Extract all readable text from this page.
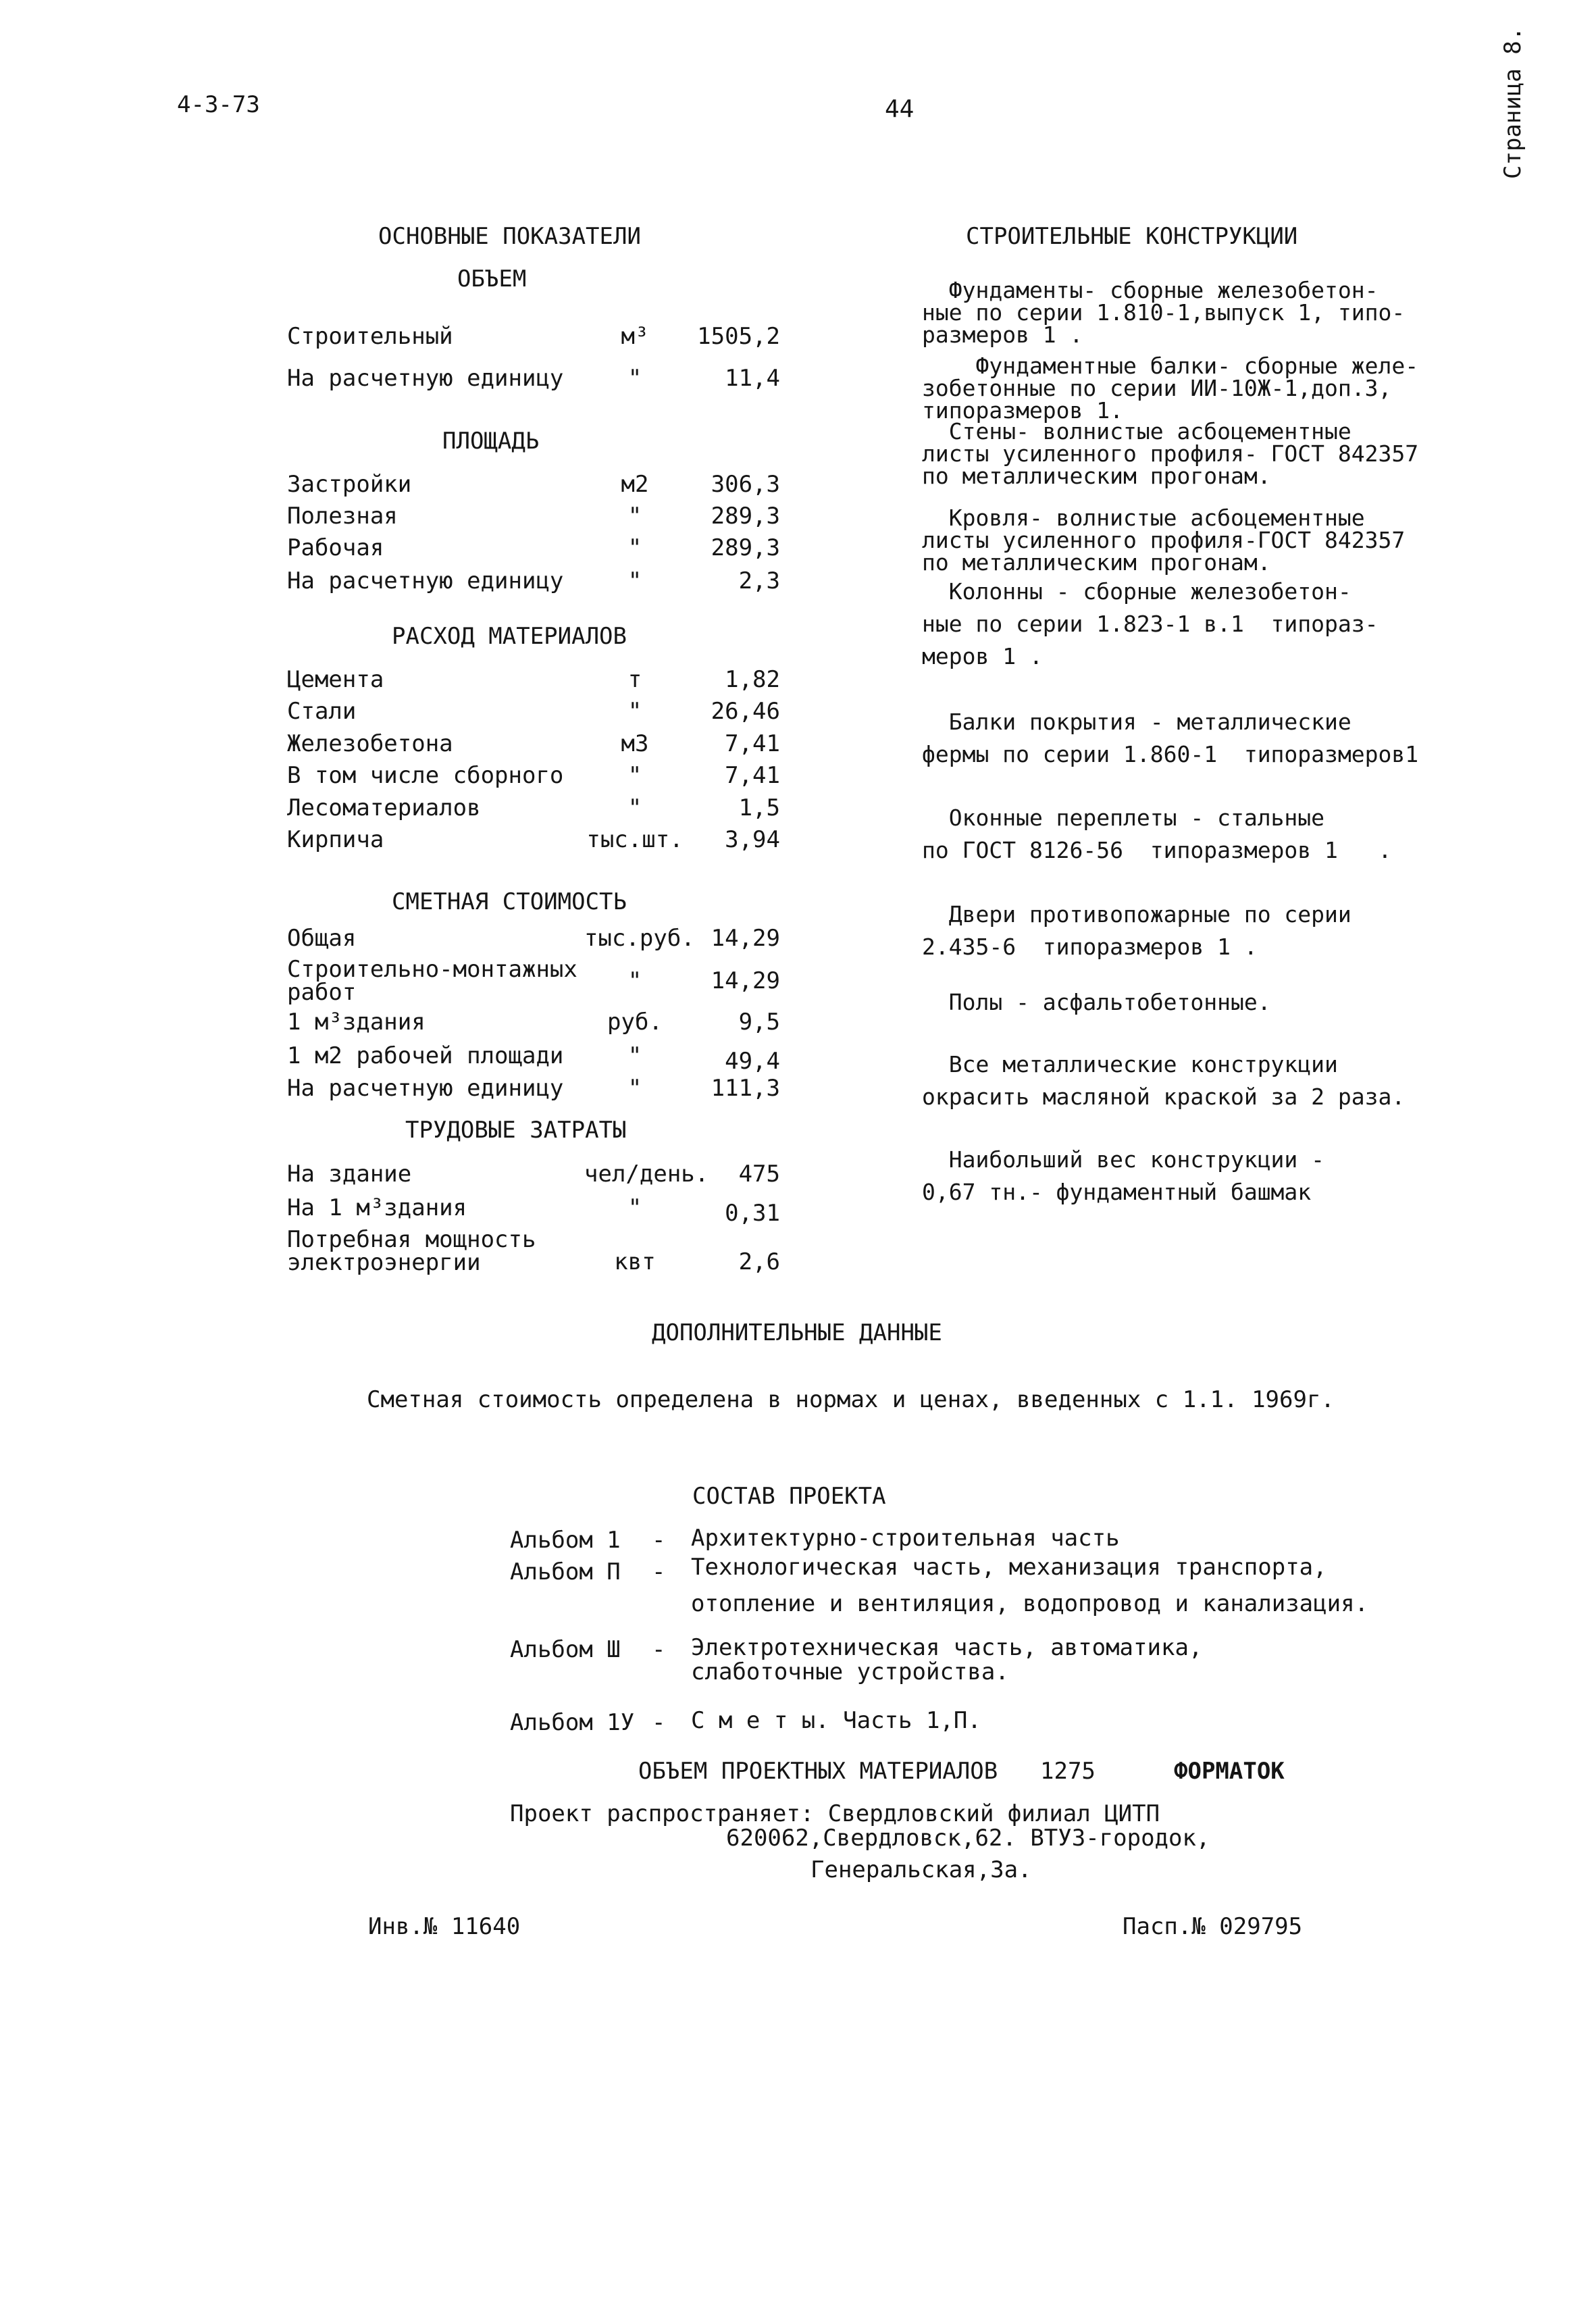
4-3-73	44	Страница 8.
ОСНОВНЫЕ ПОКАЗАТЕЛИ
ОБЪЕМ
Строительный	м³	1505,2
На расчетную единицу	"	11,4
ПЛОЩАДЬ
Застройки	м2	306,3
Полезная	"	289,3
Рабочая	"	289,3
На расчетную единицу	"	2,3
РАСХОД МАТЕРИАЛОВ
Цемента	т	1,82
Стали	"	26,46
Железобетона	м3	7,41
В том числе сборного	"	7,41
Лесоматериалов	"	1,5
Кирпича	тыс.шт. 3,94
СМЕТНАЯ СТОИМОСТЬ
Общая	тыс.руб. 14,29
Строительно-монтажных
работ	"	14,29
1 м³здания	руб.	9,5
1 м2 рабочей площади	"	49,4
На расчетную единицу	"	111,3
ТРУДОВЫЕ ЗАТРАТЫ
На здание	чел/день.	475
На 1 м³здания	"	0,31
Потребная мощность
электроэнергии	квт	2,6
СТРОИТЕЛЬНЫЕ КОНСТРУКЦИИ
Фундаменты- сборные железобетон-
ные по серии 1.810-1,выпуск 1, типо-
размеров 1 .
Фундаментные балки- сборные желе-
зобетонные по серии ИИ-10Ж-1,доп.3,
типоразмеров 1.
Стены- волнистые асбоцементные
листы усиленного профиля- ГОСТ 842357
по металлическим прогонам.
Кровля- волнистые асбоцементные
листы усиленного профиля-ГОСТ 842357
по металлическим прогонам.
Колонны - сборные железобетон-
ные по серии 1.823-1 в.1  типораз-
меров 1 .
Балки покрытия - металлические
фермы по серии 1.860-1  типоразмеров1
Оконные переплеты - стальные
по ГОСТ 8126-56  типоразмеров 1   .
Двери противопожарные по серии
2.435-6  типоразмеров 1 .
Полы - асфальтобетонные.
Все металлические конструкции
окрасить масляной краской за 2 раза.
Наибольший вес конструкции -
0,67 тн.- фундаментный башмак
ДОПОЛНИТЕЛЬНЫЕ ДАННЫЕ
Сметная стоимость определена в нормах и ценах, введенных с 1.1. 1969г.
СОСТАВ ПРОЕКТА
Альбом 1 - Архитектурно-строительная часть
Альбом П - Технологическая часть, механизация транспорта,

отопление и вентиляция, водопровод и канализация.
Альбом Ш - Электротехническая часть, автоматика,
слаботочные устройства.
Альбом 1У - С м е т ы. Часть 1,П.
ОБЪЕМ ПРОЕКТНЫХ МАТЕРИАЛОВ 1275	ФОРМАТОК
Проект распространяет: Свердловский филиал ЦИТП
620062,Свердловск,62. ВТУЗ-городок,
Генеральская,3а.
Инв.№ 11640	Пасп.№ 029795
